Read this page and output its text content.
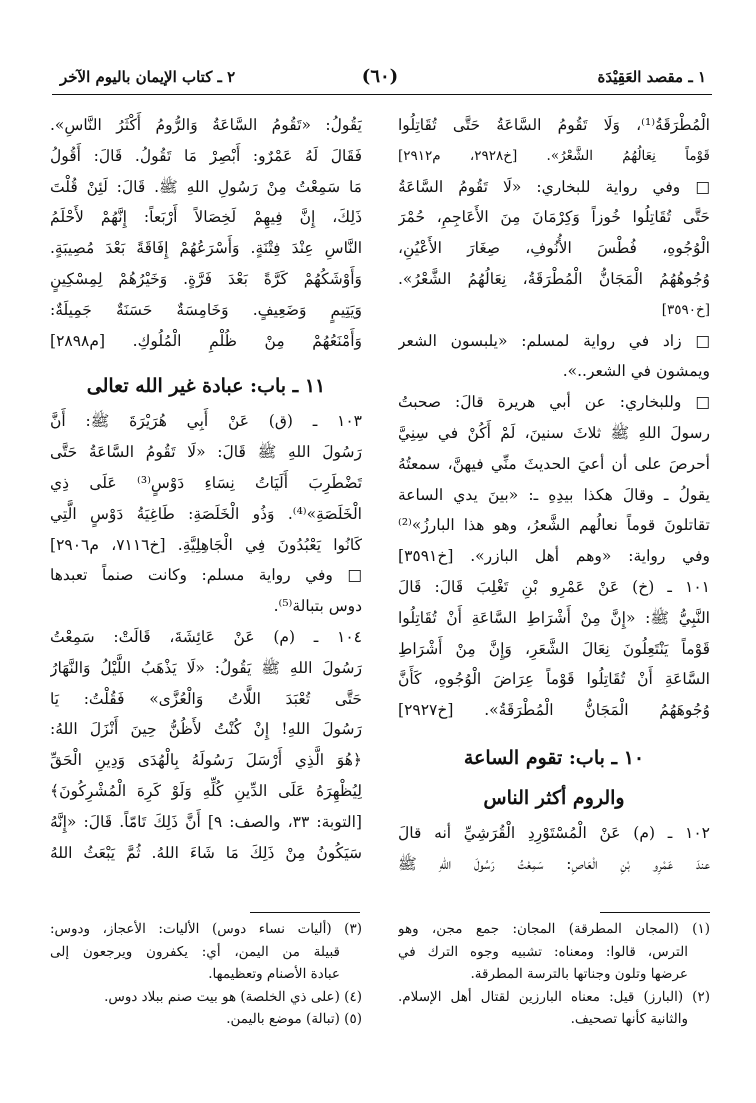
١ ـ مقصد العَقِيْدَة
(٦٠)
٢ ـ كتاب الإيمان باليوم الآخر
الْمُطْرَقَةُ⁽¹⁾، وَلَا تَقُومُ السَّاعَةُ حَتَّى تُقَاتِلُوا
قَوْماً نِعَالُهُمُ الشَّعْرُ». [خ٢٩٢٨، م٢٩١٢]
□ وفي رواية للبخاري: «لَا تَقُومُ السَّاعَةُ
حَتَّى تُقَاتِلُوا خُوزاً وَكِرْمَانَ مِنَ الأَعَاجِمِ، حُمْرَ
الْوُجُوهِ، فُطْسَ الأُنُوفِ، صِغَارَ الأَعْيُنِ،
وُجُوهُهُمُ الْمَجَانُّ الْمُطْرَقَةُ، نِعَالُهُمُ الشَّعْرُ».
[خ٣٥٩٠]
□ زاد في رواية لمسلم: «يلبسون الشعر
ويمشون في الشعر..».
□ وللبخاري: عن أبي هريرة قالَ: صحبتُ
رسولَ اللهِ ﷺ ثلاثَ سنينَ، لَمْ أَكُنْ في سِنِيَّ
أحرصَ على أن أعيَ الحديثَ منِّي فيهنَّ، سمعتُهُ
يقولُ ـ وقالَ هكذا بيدِهِ ـ: «بينَ يدي الساعة
تقاتلونَ قوماً نعالُهم الشَّعرُ، وهو هذا البارزُ»⁽²⁾
وفي رواية: «وهم أهل البازر». [خ٣٥٩١]
١٠١ ـ (خ) عَنْ عَمْرِو بْنِ تَغْلِبَ قَالَ: قَالَ
النَّبِيُّ ﷺ: «إِنَّ مِنْ أَشْرَاطِ السَّاعَةِ أَنْ تُقَاتِلُوا
قَوْماً يَنْتَعِلُونَ نِعَالَ الشَّعَرِ، وَإِنَّ مِنْ أَشْرَاطِ
السَّاعَةِ أَنْ تُقَاتِلُوا قَوْماً عِرَاضَ الْوُجُوهِ، كَأَنَّ
وُجُوهَهُمُ الْمَجَانُّ الْمُطْرَقَةُ». [خ٢٩٢٧]
١٠ ـ باب: تقوم الساعة
والروم أكثر الناس
١٠٢ ـ (م) عَنْ الْمُسْتَوْرِدِ الْقُرَشِيِّ أنه قالَ
عندَ عَمْرِو بْنِ الْعَاصِ: سَمِعْتُ رَسُولَ اللهِ ﷺ
يَقُولُ: «تَقُومُ السَّاعَةُ وَالرُّومُ أَكْثَرُ النَّاسِ».
فَقَالَ لَهُ عَمْرٌو: أَبْصِرْ مَا تَقُولُ. قَالَ: أَقُولُ
مَا سَمِعْتُ مِنْ رَسُولِ اللهِ ﷺ. قَالَ: لَئِنْ قُلْتَ
ذَلِكَ، إِنَّ فِيهِمْ لَخِصَالاً أَرْبَعاً: إِنَّهُمْ لأَحْلَمُ
النَّاسِ عِنْدَ فِتْنَةٍ. وَأَسْرَعُهُمْ إِفَاقَةً بَعْدَ مُصِيبَةٍ.
وَأَوْشَكُهُمْ كَرَّةً بَعْدَ فَرَّةٍ. وَخَيْرُهُمْ لِمِسْكِينٍ
وَيَتِيمٍ وَضَعِيفٍ. وَخَامِسَةٌ حَسَنَةٌ جَمِيلَةٌ:
وَأَمْنَعُهُمْ مِنْ ظُلْمِ الْمُلُوكِ. [م٢٨٩٨]
١١ ـ باب: عبادة غير الله تعالى
١٠٣ ـ (ق) عَنْ أَبِي هُرَيْرَةَ ﷺ: أَنَّ
رَسُولَ اللهِ ﷺ قَالَ: «لَا تَقُومُ السَّاعَةُ حَتَّى
تَضْطَرِبَ أَلَيَاتُ نِسَاءِ دَوْسٍ⁽³⁾ عَلَى ذِي
الْخَلَصَةِ»⁽⁴⁾. وَذُو الْخَلَصَةِ: طَاغِيَةُ دَوْسٍ الَّتِي
كَانُوا يَعْبُدُونَ فِي الْجَاهِلِيَّةِ. [خ٧١١٦، م٢٩٠٦]
□ وفي رواية مسلم: وكانت صنماً تعبدها
دوس بتبالة⁽⁵⁾.
١٠٤ ـ (م) عَنْ عَائِشَةَ، قَالَتْ: سَمِعْتُ
رَسُولَ اللهِ ﷺ يَقُولُ: «لَا يَذْهَبُ اللَّيْلُ وَالنَّهَارُ
حَتَّى تُعْبَدَ اللَّاتُ وَالْعُزَّى» فَقُلْتُ: يَا
رَسُولَ اللهِ! إِنْ كُنْتُ لأَظُنُّ حِينَ أَنْزَلَ اللهُ:
﴿هُوَ الَّذِي أَرْسَلَ رَسُولَهُ بِالْهُدَى وَدِينِ الْحَقِّ
لِيُظْهِرَهُ عَلَى الدِّينِ كُلِّهِ وَلَوْ كَرِهَ الْمُشْرِكُونَ﴾
[التوبة: ٣٣، والصف: ٩] أَنَّ ذَلِكَ تَامّاً. قَالَ: «إِنَّهُ
سَيَكُونُ مِنْ ذَلِكَ مَا شَاءَ اللهُ. ثُمَّ يَبْعَثُ اللهُ
(١) (المجان المطرقة) المجان: جمع مجن، وهو
الترس، قالوا: ومعناه: تشبيه وجوه الترك في
عرضها وتلون وجناتها بالترسة المطرقة.
(٢) (البارز) قيل: معناه البارزين لقتال أهل الإسلام.
والثانية كأنها تصحيف.
(٣) (أليات نساء دوس) الأليات: الأعجاز، ودوس:
قبيلة من اليمن، أي: يكفرون ويرجعون إلى
عبادة الأصنام وتعظيمها.
(٤) (على ذي الخلصة) هو بيت صنم ببلاد دوس.
(٥) (تبالة) موضع باليمن.
